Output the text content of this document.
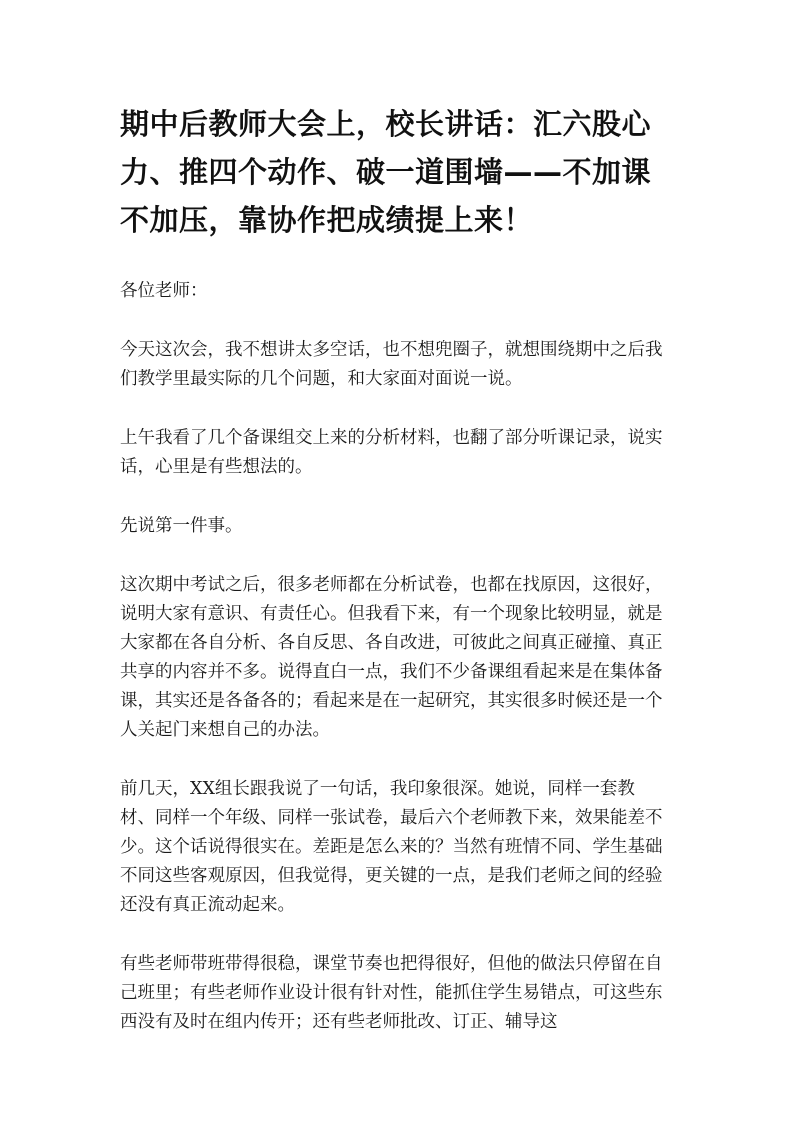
期中后教师大会上，校长讲话：汇六股心力、推四个动作、破一道围墙——不加课不加压，靠协作把成绩提上来！

各位老师：

今天这次会，我不想讲太多空话，也不想兜圈子，就想围绕期中之后我们教学里最实际的几个问题，和大家面对面说一说。

上午我看了几个备课组交上来的分析材料，也翻了部分听课记录，说实话，心里是有些想法的。

先说第一件事。

这次期中考试之后，很多老师都在分析试卷，也都在找原因，这很好，说明大家有意识、有责任心。但我看下来，有一个现象比较明显，就是大家都在各自分析、各自反思、各自改进，可彼此之间真正碰撞、真正共享的内容并不多。说得直白一点，我们不少备课组看起来是在集体备课，其实还是各备各的；看起来是在一起研究，其实很多时候还是一个人关起门来想自己的办法。

前几天，XX组长跟我说了一句话，我印象很深。她说，同样一套教材、同样一个年级、同样一张试卷，最后六个老师教下来，效果能差不少。这个话说得很实在。差距是怎么来的？当然有班情不同、学生基础不同这些客观原因，但我觉得，更关键的一点，是我们老师之间的经验还没有真正流动起来。

有些老师带班带得很稳，课堂节奏也把得很好，但他的做法只停留在自己班里；有些老师作业设计很有针对性，能抓住学生易错点，可这些东西没有及时在组内传开；还有些老师批改、订正、辅导这
